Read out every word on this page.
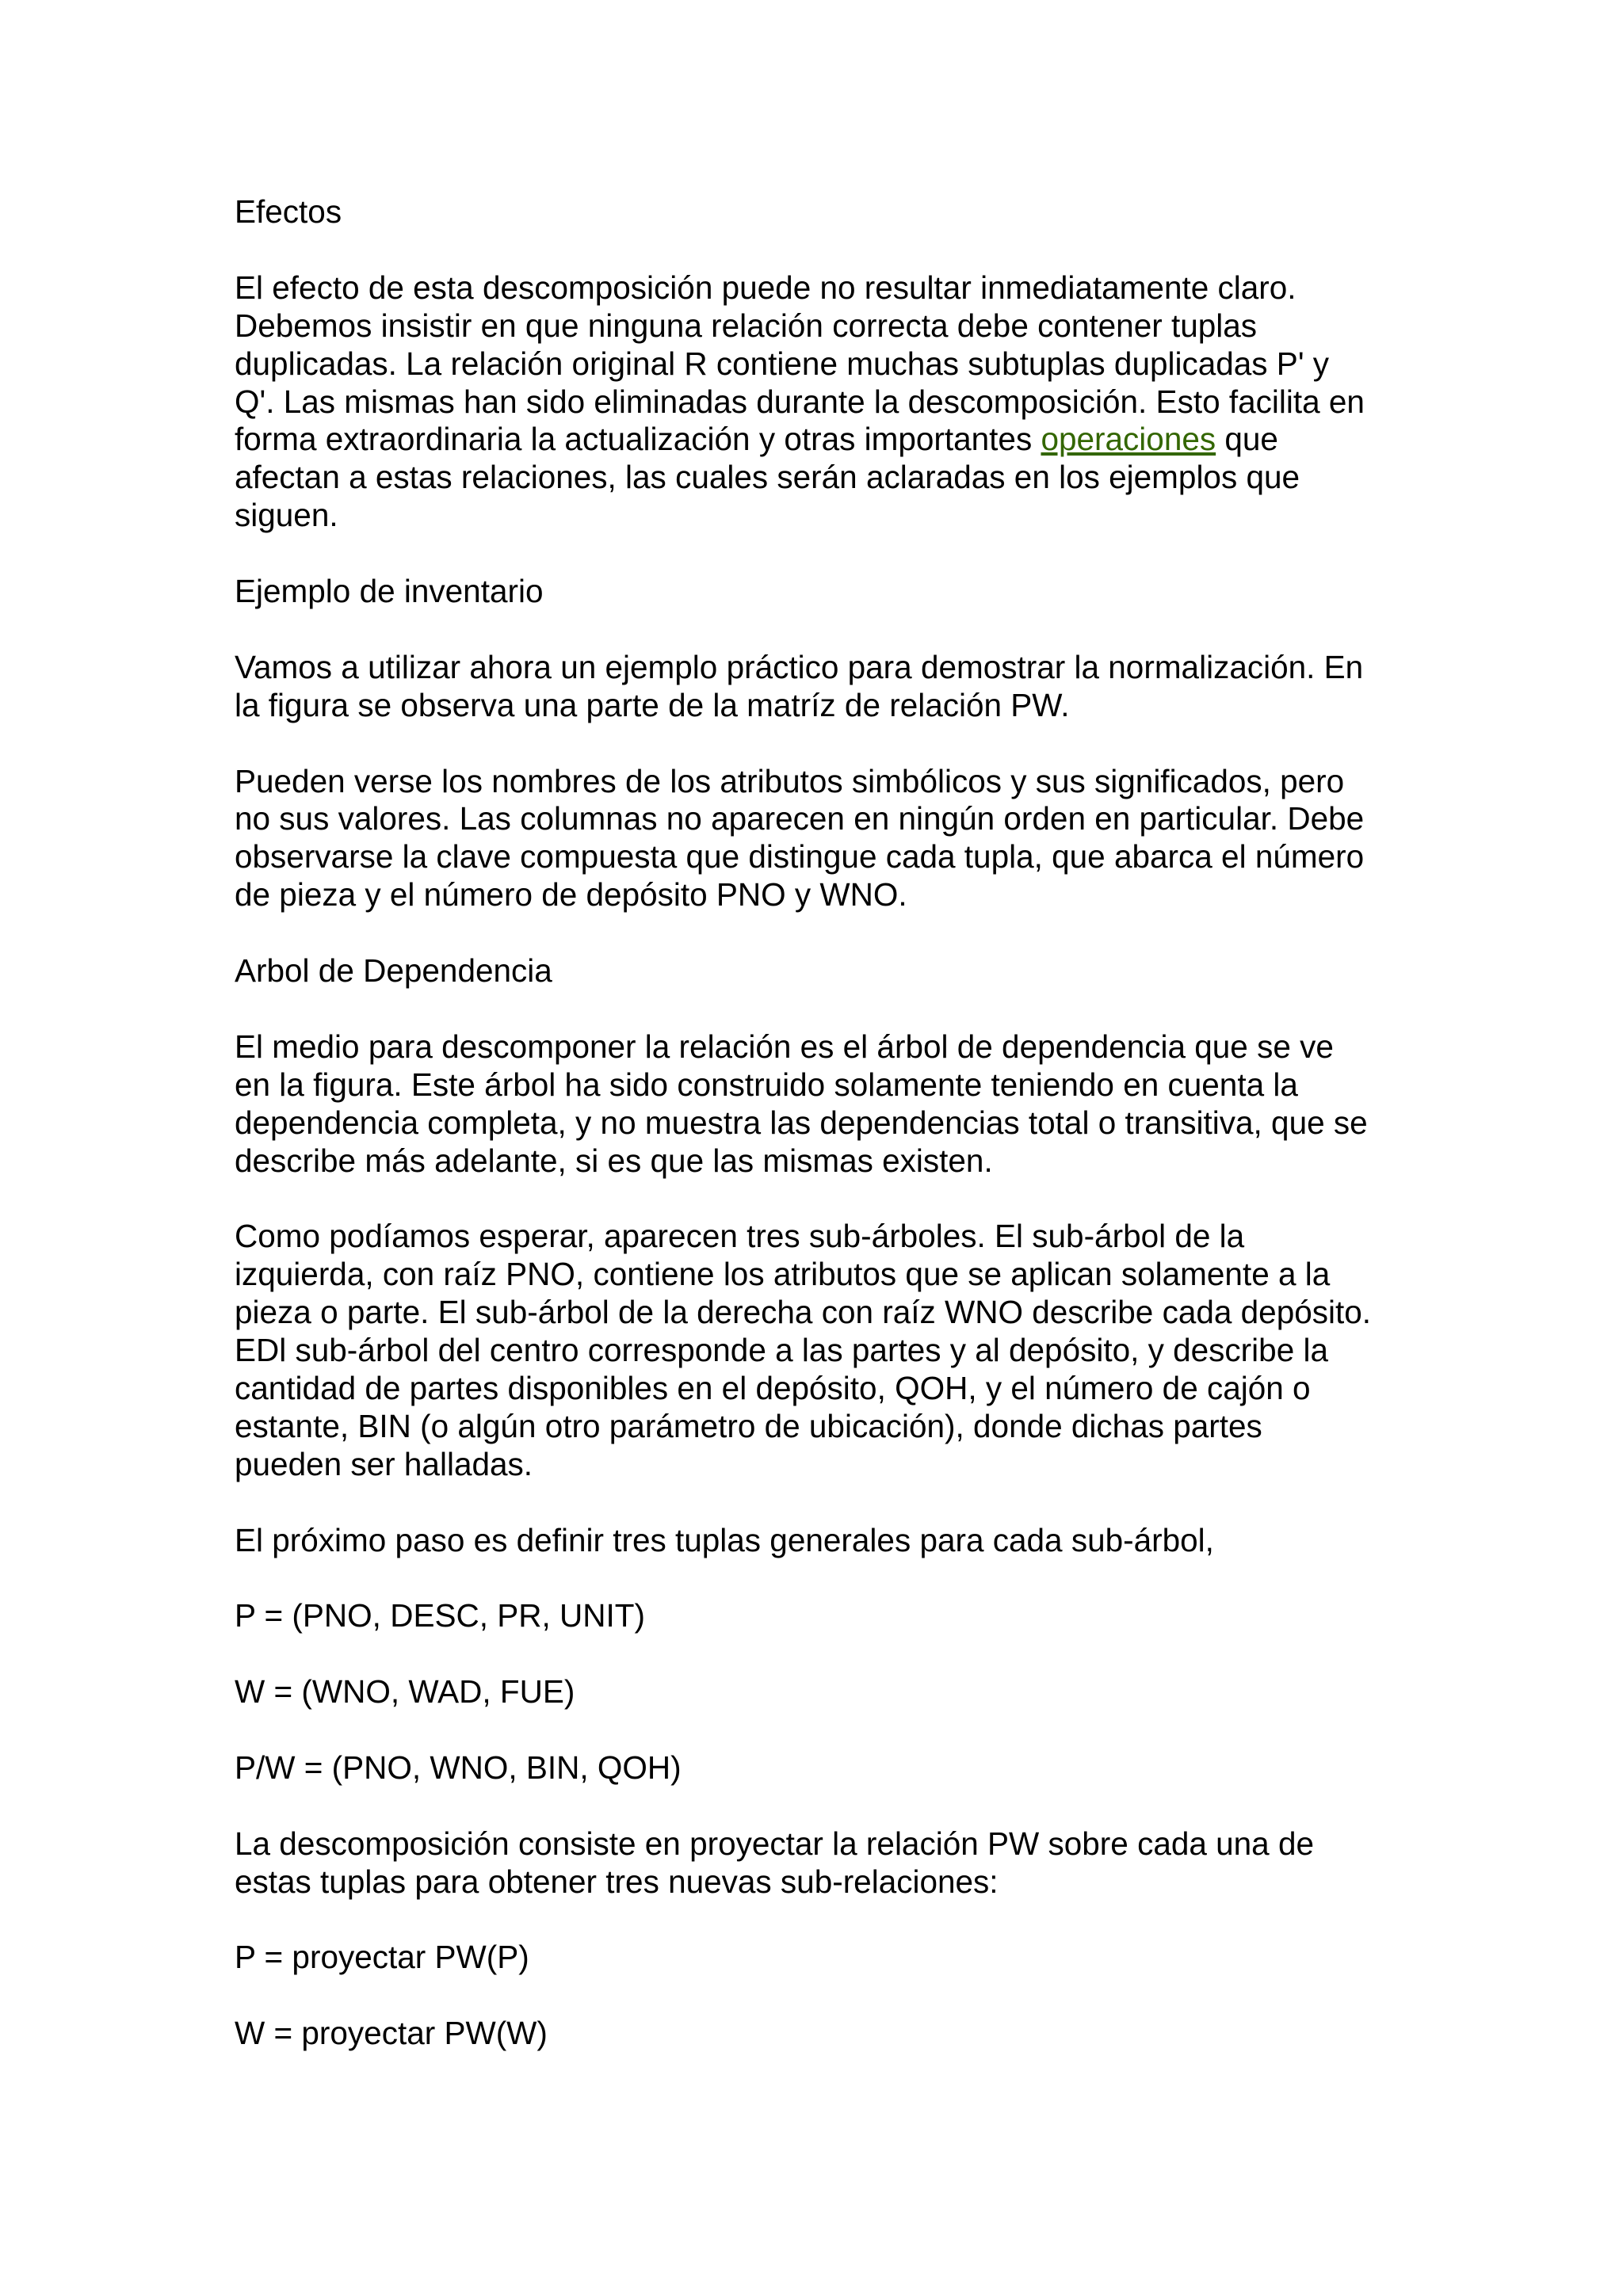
Efectos

El efecto de esta descomposición puede no resultar inmediatamente claro.
Debemos insistir en que ninguna relación correcta debe contener tuplas
duplicadas. La relación original R contiene muchas subtuplas duplicadas P' y
Q'. Las mismas han sido eliminadas durante la descomposición. Esto facilita en
forma extraordinaria la actualización y otras importantes operaciones que
afectan a estas relaciones, las cuales serán aclaradas en los ejemplos que
siguen.

Ejemplo de inventario

Vamos a utilizar ahora un ejemplo práctico para demostrar la normalización. En
la figura se observa una parte de la matríz de relación PW.

Pueden verse los nombres de los atributos simbólicos y sus significados, pero
no sus valores. Las columnas no aparecen en ningún orden en particular. Debe
observarse la clave compuesta que distingue cada tupla, que abarca el número
de pieza y el número de depósito PNO y WNO.

Arbol de Dependencia

El medio para descomponer la relación es el árbol de dependencia que se ve
en la figura. Este árbol ha sido construido solamente teniendo en cuenta la
dependencia completa, y no muestra las dependencias total o transitiva, que se
describe más adelante, si es que las mismas existen.

Como podíamos esperar, aparecen tres sub-árboles. El sub-árbol de la
izquierda, con raíz PNO, contiene los atributos que se aplican solamente a la
pieza o parte. El sub-árbol de la derecha con raíz WNO describe cada depósito.
EDl sub-árbol del centro corresponde a las partes y al depósito, y describe la
cantidad de partes disponibles en el depósito, QOH, y el número de cajón o
estante, BIN (o algún otro parámetro de ubicación), donde dichas partes
pueden ser halladas.

El próximo paso es definir tres tuplas generales para cada sub-árbol,

P = (PNO, DESC, PR, UNIT)

W = (WNO, WAD, FUE)

P/W = (PNO, WNO, BIN, QOH)

La descomposición consiste en proyectar la relación PW sobre cada una de
estas tuplas para obtener tres nuevas sub-relaciones:

P = proyectar PW(P)

W = proyectar PW(W)
